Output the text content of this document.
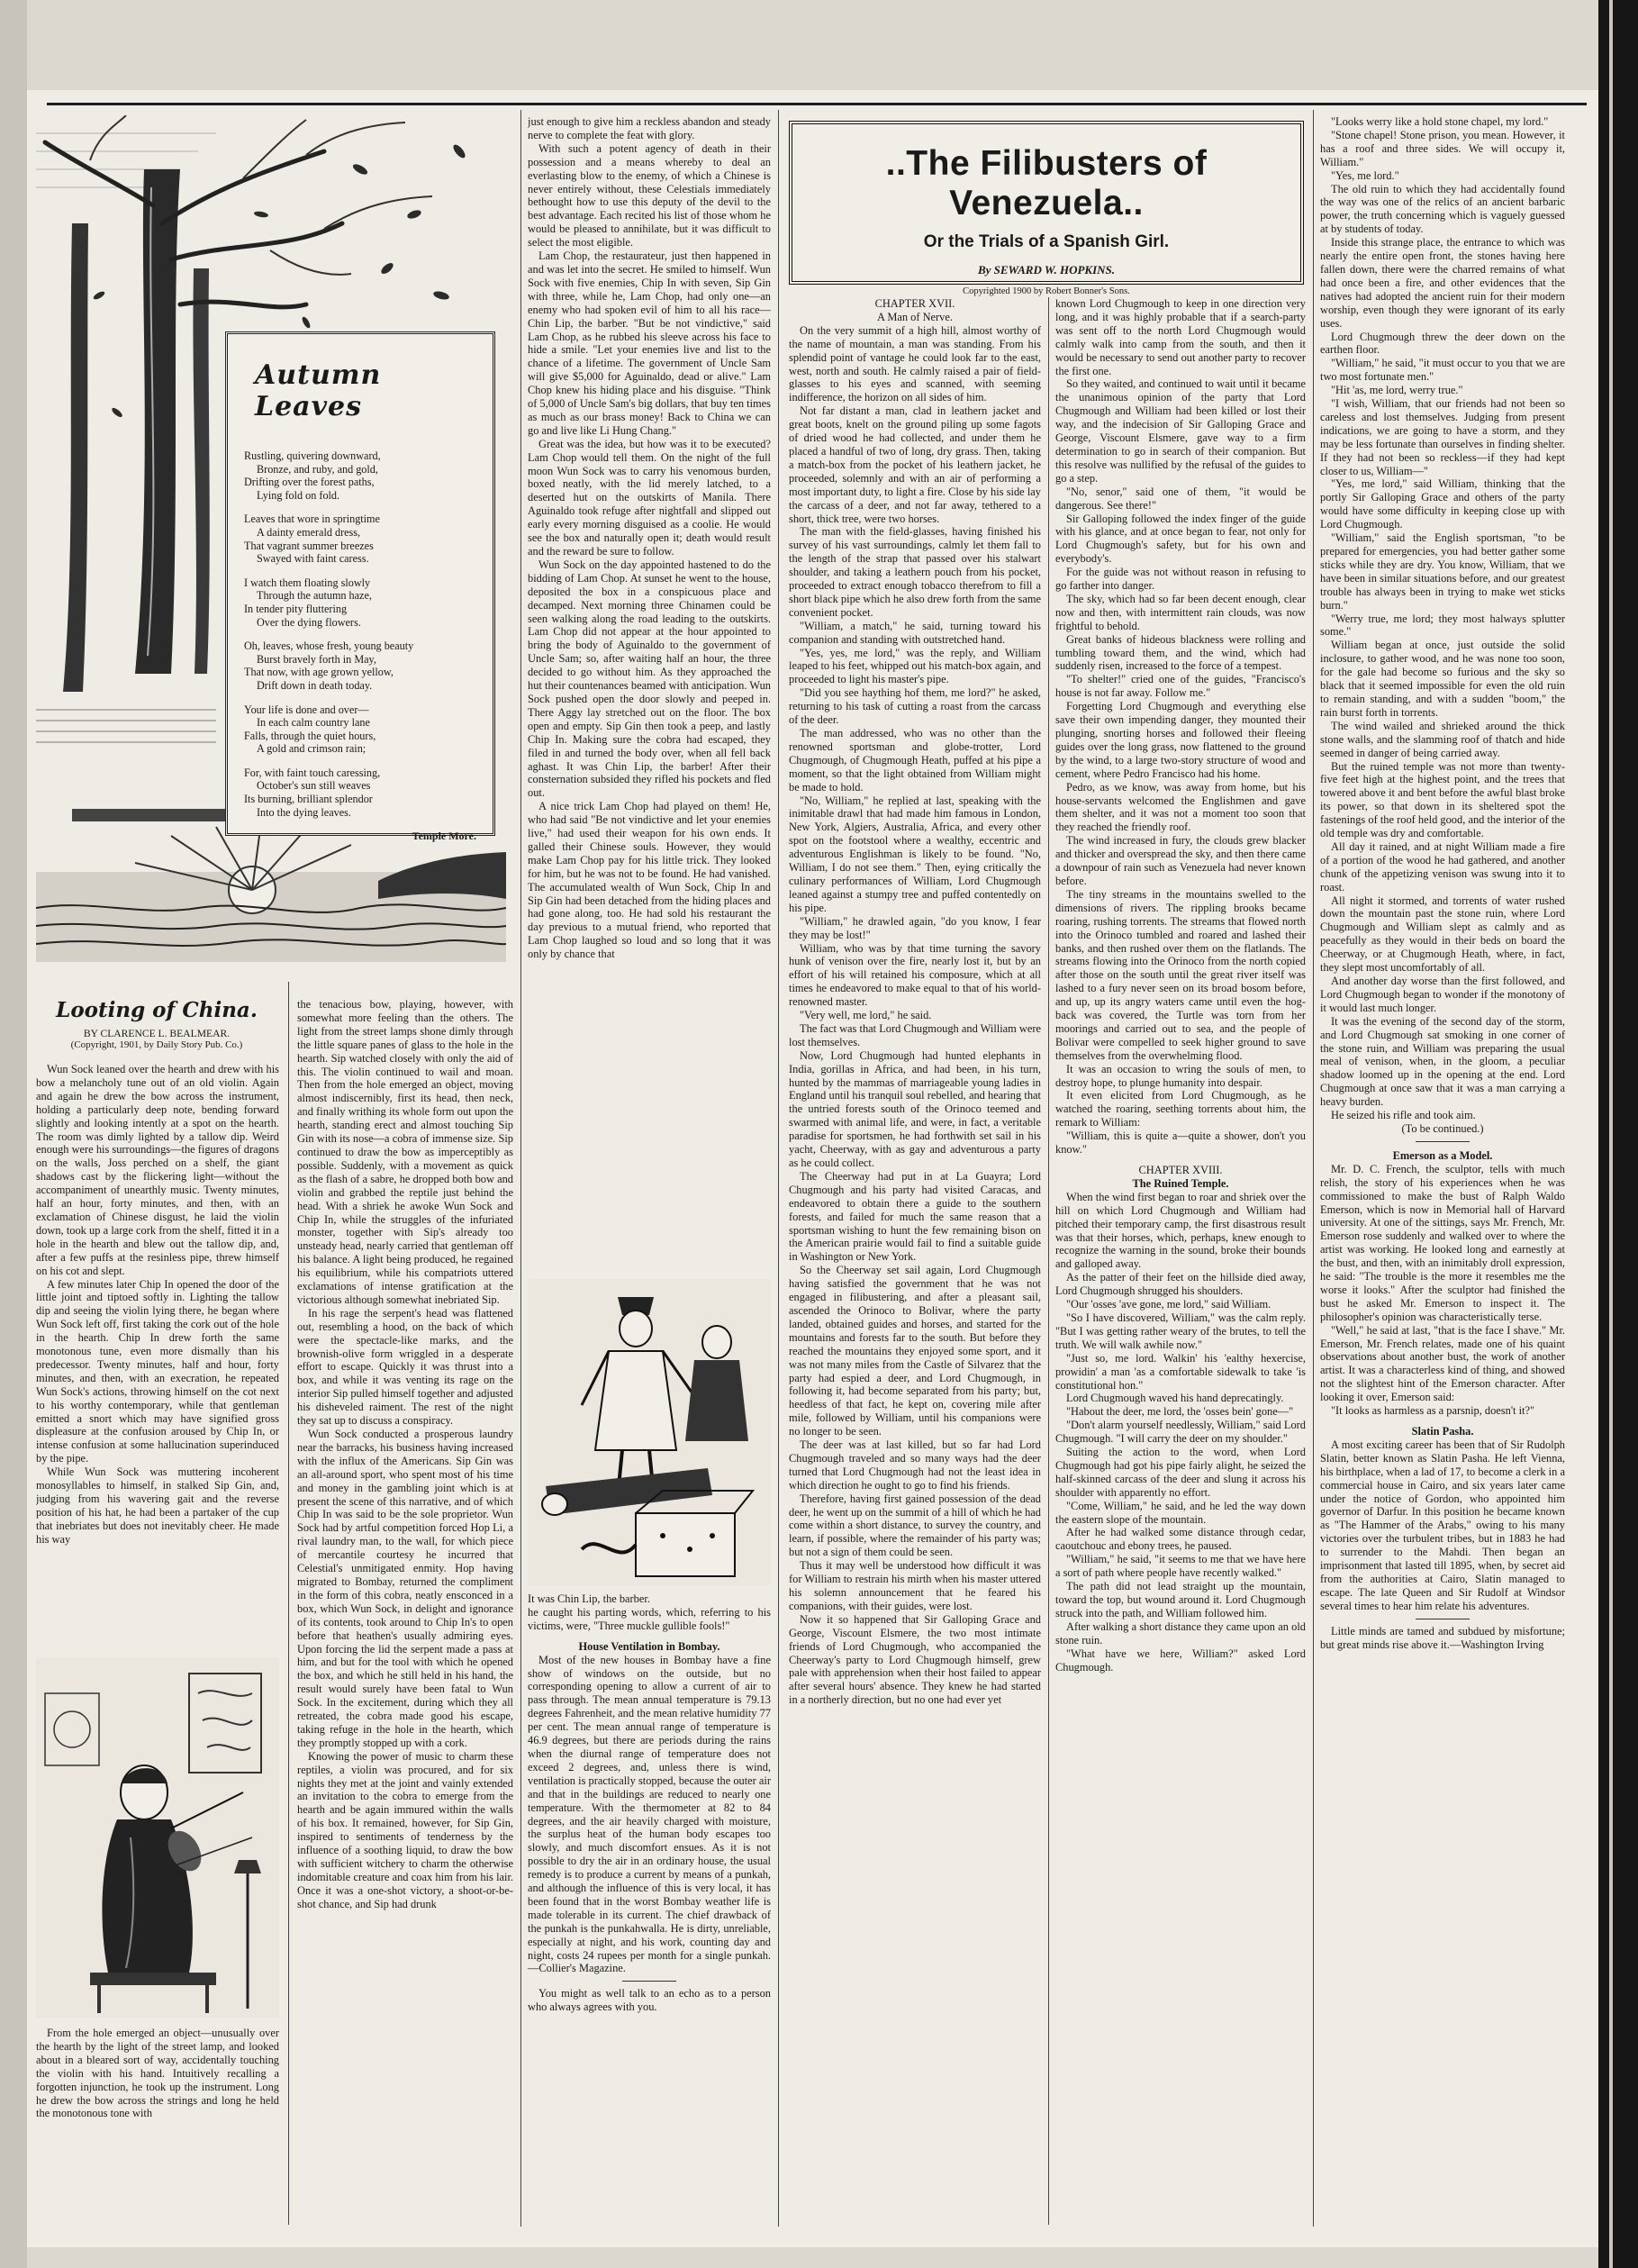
Autumn Leaves
Rustling, quivering downward,
Bronze, and ruby, and gold,
Drifting over the forest paths,
Lying fold on fold.
Leaves that wore in springtime
A dainty emerald dress,
That vagrant summer breezes
Swayed with faint caress.
I watch them floating slowly
Through the autumn haze,
In tender pity fluttering
Over the dying flowers.
Oh, leaves, whose fresh, young beauty
Burst bravely forth in May,
That now, with age grown yellow,
Drift down in death today.
Your life is done and over—
In each calm country lane
Falls, through the quiet hours,
A gold and crimson rain;
For, with faint touch caressing,
October's sun still weaves
Its burning, brilliant splendor
Into the dying leaves.
Temple More.
Looting of China.
BY CLARENCE L. BEALMEAR.
(Copyright, 1901, by Daily Story Pub. Co.)

Wun Sock leaned over the hearth and drew with his bow a melancholy tune out of an old violin. Again and again he drew the bow across the instrument, holding a particularly deep note, bending forward slightly and looking intently at a spot on the hearth. The room was dimly lighted by a tallow dip. Weird enough were his surroundings—the figures of dragons on the walls, Joss perched on a shelf, the giant shadows cast by the flickering light—without the accompaniment of unearthly music. Twenty minutes, half an hour, forty minutes, and then, with an exclamation of Chinese disgust, he laid the violin down, took up a large cork from the shelf, fitted it in a hole in the hearth and blew out the tallow dip, and, after a few puffs at the resinless pipe, threw himself on his cot and slept.

A few minutes later Chip In opened the door of the little joint and tiptoed softly in. Lighting the tallow dip and seeing the violin lying there, he began where Wun Sock left off, first taking the cork out of the hole in the hearth. Chip In drew forth the same monotonous tune, even more dismally than his predecessor. Twenty minutes, half and hour, forty minutes, and then, with an execration, he repeated Wun Sock's actions, throwing himself on the cot next to his worthy contemporary, while that gentleman emitted a snort which may have signified gross displeasure at the confusion aroused by Chip In, or intense confusion at some hallucination superinduced by the pipe.

While Wun Sock was muttering incoherent monosyllables to himself, in stalked Sip Gin, and, judging from his wavering gait and the reverse position of his hat, he had been a partaker of the cup that inebriates but does not inevitably cheer. He made his way

From the hole emerged an object—unusually over the hearth by the light of the street lamp, and looked about in a bleared sort of way, accidentally touching the violin with his hand. Intuitively recalling a forgotten injunction, he took up the instrument. Long he drew the bow across the strings and long he held the monotonous tone with

the tenacious bow, playing, however, with somewhat more feeling than the others. The light from the street lamps shone dimly through the little square panes of glass to the hole in the hearth. Sip watched closely with only the aid of this. The violin continued to wail and moan. Then from the hole emerged an object, moving almost indiscernibly, first its head, then neck, and finally writhing its whole form out upon the hearth, standing erect and almost touching Sip Gin with its nose—a cobra of immense size. Sip continued to draw the bow as imperceptibly as possible. Suddenly, with a movement as quick as the flash of a sabre, he dropped both bow and violin and grabbed the reptile just behind the head. With a shriek he awoke Wun Sock and Chip In, while the struggles of the infuriated monster, together with Sip's already too unsteady head, nearly carried that gentleman off his balance. A light being produced, he regained his equilibrium, while his compatriots uttered exclamations of intense gratification at the victorious although somewhat inebriated Sip.

In his rage the serpent's head was flattened out, resembling a hood, on the back of which were the spectacle-like marks, and the brownish-olive form wriggled in a desperate effort to escape. Quickly it was thrust into a box, and while it was venting its rage on the interior Sip pulled himself together and adjusted his disheveled raiment. The rest of the night they sat up to discuss a conspiracy.

Wun Sock conducted a prosperous laundry near the barracks, his business having increased with the influx of the Americans. Sip Gin was an all-around sport, who spent most of his time and money in the gambling joint which is at present the scene of this narrative, and of which Chip In was said to be the sole proprietor. Wun Sock had by artful competition forced Hop Li, a rival laundry man, to the wall, for which piece of mercantile courtesy he incurred that Celestial's unmitigated enmity. Hop having migrated to Bombay, returned the compliment in the form of this cobra, neatly ensconced in a box, which Wun Sock, in delight and ignorance of its contents, took around to Chip In's to open before that heathen's usually admiring eyes. Upon forcing the lid the serpent made a pass at him, and but for the tool with which he opened the box, and which he still held in his hand, the result would surely have been fatal to Wun Sock. In the excitement, during which they all retreated, the cobra made good his escape, taking refuge in the hole in the hearth, which they promptly stopped up with a cork.

Knowing the power of music to charm these reptiles, a violin was procured, and for six nights they met at the joint and vainly extended an invitation to the cobra to emerge from the hearth and be again immured within the walls of his box. It remained, however, for Sip Gin, inspired to sentiments of tenderness by the influence of a soothing liquid, to draw the bow with sufficient witchery to charm the otherwise indomitable creature and coax him from his lair. Once it was a one-shot victory, a shoot-or-be-shot chance, and Sip had drunk

just enough to give him a reckless abandon and steady nerve to complete the feat with glory.

With such a potent agency of death in their possession and a means whereby to deal an everlasting blow to the enemy, of which a Chinese is never entirely without, these Celestials immediately bethought how to use this deputy of the devil to the best advantage. Each recited his list of those whom he would be pleased to annihilate, but it was difficult to select the most eligible.

Lam Chop, the restaurateur, just then happened in and was let into the secret. He smiled to himself. Wun Sock with five enemies, Chip In with seven, Sip Gin with three, while he, Lam Chop, had only one—an enemy who had spoken evil of him to all his race—Chin Lip, the barber. "But be not vindictive," said Lam Chop, as he rubbed his sleeve across his face to hide a smile. "Let your enemies live and list to the chance of a lifetime. The government of Uncle Sam will give $5,000 for Aguinaldo, dead or alive." Lam Chop knew his hiding place and his disguise. "Think of 5,000 of Uncle Sam's big dollars, that buy ten times as much as our brass money! Back to China we can go and live like Li Hung Chang."

Great was the idea, but how was it to be executed? Lam Chop would tell them. On the night of the full moon Wun Sock was to carry his venomous burden, boxed neatly, with the lid merely latched, to a deserted hut on the outskirts of Manila. There Aguinaldo took refuge after nightfall and slipped out early every morning disguised as a coolie. He would see the box and naturally open it; death would result and the reward be sure to follow.

Wun Sock on the day appointed hastened to do the bidding of Lam Chop. At sunset he went to the house, deposited the box in a conspicuous place and decamped. Next morning three Chinamen could be seen walking along the road leading to the outskirts. Lam Chop did not appear at the hour appointed to bring the body of Aguinaldo to the government of Uncle Sam; so, after waiting half an hour, the three decided to go without him. As they approached the hut their countenances beamed with anticipation. Wun Sock pushed open the door slowly and peeped in. There Aggy lay stretched out on the floor. The box open and empty. Sip Gin then took a peep, and lastly Chip In. Making sure the cobra had escaped, they filed in and turned the body over, when all fell back aghast. It was Chin Lip, the barber! After their consternation subsided they rifled his pockets and fled out.

A nice trick Lam Chop had played on them! He, who had said "Be not vindictive and let your enemies live," had used their weapon for his own ends. It galled their Chinese souls. However, they would make Lam Chop pay for his little trick. They looked for him, but he was not to be found. He had vanished. The accumulated wealth of Wun Sock, Chip In and Sip Gin had been detached from the hiding places and had gone along, too. He had sold his restaurant the day previous to a mutual friend, who reported that Lam Chop laughed so loud and so long that it was only by chance that

It was Chin Lip, the barber.

he caught his parting words, which, referring to his victims, were, "Three muckle gullible fools!"

House Ventilation in Bombay.

Most of the new houses in Bombay have a fine show of windows on the outside, but no corresponding opening to allow a current of air to pass through. The mean annual temperature is 79.13 degrees Fahrenheit, and the mean relative humidity 77 per cent. The mean annual range of temperature is 46.9 degrees, but there are periods during the rains when the diurnal range of temperature does not exceed 2 degrees, and, unless there is wind, ventilation is practically stopped, because the outer air and that in the buildings are reduced to nearly one temperature. With the thermometer at 82 to 84 degrees, and the air heavily charged with moisture, the surplus heat of the human body escapes too slowly, and much discomfort ensues. As it is not possible to dry the air in an ordinary house, the usual remedy is to produce a current by means of a punkah, and although the influence of this is very local, it has been found that in the worst Bombay weather life is made tolerable in its current. The chief drawback of the punkah is the punkahwalla. He is dirty, unreliable, especially at night, and his work, counting day and night, costs 24 rupees per month for a single punkah.—Collier's Magazine.

You might as well talk to an echo as to a person who always agrees with you.

..The Filibusters of Venezuela..
Or the Trials of a Spanish Girl.
By SEWARD W. HOPKINS.
Copyrighted 1900 by Robert Bonner's Sons.
CHAPTER XVII.
A Man of Nerve.

On the very summit of a high hill, almost worthy of the name of mountain, a man was standing. From his splendid point of vantage he could look far to the east, west, north and south. He calmly raised a pair of field-glasses to his eyes and scanned, with seeming indifference, the horizon on all sides of him.

Not far distant a man, clad in leathern jacket and great boots, knelt on the ground piling up some fagots of dried wood he had collected, and under them he placed a handful of two of long, dry grass. Then, taking a match-box from the pocket of his leathern jacket, he proceeded, solemnly and with an air of performing a most important duty, to light a fire. Close by his side lay the carcass of a deer, and not far away, tethered to a short, thick tree, were two horses.

The man with the field-glasses, having finished his survey of his vast surroundings, calmly let them fall to the length of the strap that passed over his stalwart shoulder, and taking a leathern pouch from his pocket, proceeded to extract enough tobacco therefrom to fill a short black pipe which he also drew forth from the same convenient pocket.

"William, a match," he said, turning toward his companion and standing with outstretched hand.

"Yes, yes, me lord," was the reply, and William leaped to his feet, whipped out his match-box again, and proceeded to light his master's pipe.

"Did you see haything hof them, me lord?" he asked, returning to his task of cutting a roast from the carcass of the deer.

The man addressed, who was no other than the renowned sportsman and globe-trotter, Lord Chugmough, of Chugmough Heath, puffed at his pipe a moment, so that the light obtained from William might be made to hold.

"No, William," he replied at last, speaking with the inimitable drawl that had made him famous in London, New York, Algiers, Australia, Africa, and every other spot on the footstool where a wealthy, eccentric and adventurous Englishman is likely to be found. "No, William, I do not see them." Then, eying critically the culinary performances of William, Lord Chugmough leaned against a stumpy tree and puffed contentedly on his pipe.

"William," he drawled again, "do you know, I fear they may be lost!"

William, who was by that time turning the savory hunk of venison over the fire, nearly lost it, but by an effort of his will retained his composure, which at all times he endeavored to make equal to that of his world-renowned master.

"Very well, me lord," he said.

The fact was that Lord Chugmough and William were lost themselves.

Now, Lord Chugmough had hunted elephants in India, gorillas in Africa, and had been, in his turn, hunted by the mammas of marriageable young ladies in England until his tranquil soul rebelled, and hearing that the untried forests south of the Orinoco teemed and swarmed with animal life, and were, in fact, a veritable paradise for sportsmen, he had forthwith set sail in his yacht, Cheerway, with as gay and adventurous a party as he could collect.

The Cheerway had put in at La Guayra; Lord Chugmough and his party had visited Caracas, and endeavored to obtain there a guide to the southern forests, and failed for much the same reason that a sportsman wishing to hunt the few remaining bison on the American prairie would fail to find a suitable guide in Washington or New York.

So the Cheerway set sail again, Lord Chugmough having satisfied the government that he was not engaged in filibustering, and after a pleasant sail, ascended the Orinoco to Bolivar, where the party landed, obtained guides and horses, and started for the mountains and forests far to the south. But before they reached the mountains they enjoyed some sport, and it was not many miles from the Castle of Silvarez that the party had espied a deer, and Lord Chugmough, in following it, had become separated from his party; but, heedless of that fact, he kept on, covering mile after mile, followed by William, until his companions were no longer to be seen.

The deer was at last killed, but so far had Lord Chugmough traveled and so many ways had the deer turned that Lord Chugmough had not the least idea in which direction he ought to go to find his friends.

Therefore, having first gained possession of the dead deer, he went up on the summit of a hill of which he had come within a short distance, to survey the country, and learn, if possible, where the remainder of his party was; but not a sign of them could be seen.

Thus it may well be understood how difficult it was for William to restrain his mirth when his master uttered his solemn announcement that he feared his companions, with their guides, were lost.

Now it so happened that Sir Galloping Grace and George, Viscount Elsmere, the two most intimate friends of Lord Chugmough, who accompanied the Cheerway's party to Lord Chugmough himself, grew pale with apprehension when their host failed to appear after several hours' absence. They knew he had started in a northerly direction, but no one had ever yet

known Lord Chugmough to keep in one direction very long, and it was highly probable that if a search-party was sent off to the north Lord Chugmough would calmly walk into camp from the south, and then it would be necessary to send out another party to recover the first one.

So they waited, and continued to wait until it became the unanimous opinion of the party that Lord Chugmough and William had been killed or lost their way, and the indecision of Sir Galloping Grace and George, Viscount Elsmere, gave way to a firm determination to go in search of their companion. But this resolve was nullified by the refusal of the guides to go a step.

"No, senor," said one of them, "it would be dangerous. See there!"

Sir Galloping followed the index finger of the guide with his glance, and at once began to fear, not only for Lord Chugmough's safety, but for his own and everybody's.

For the guide was not without reason in refusing to go farther into danger.

The sky, which had so far been decent enough, clear now and then, with intermittent rain clouds, was now frightful to behold.

Great banks of hideous blackness were rolling and tumbling toward them, and the wind, which had suddenly risen, increased to the force of a tempest.

"To shelter!" cried one of the guides, "Francisco's house is not far away. Follow me."

Forgetting Lord Chugmough and everything else save their own impending danger, they mounted their plunging, snorting horses and followed their fleeing guides over the long grass, now flattened to the ground by the wind, to a large two-story structure of wood and cement, where Pedro Francisco had his home.

Pedro, as we know, was away from home, but his house-servants welcomed the Englishmen and gave them shelter, and it was not a moment too soon that they reached the friendly roof.

The wind increased in fury, the clouds grew blacker and thicker and overspread the sky, and then there came a downpour of rain such as Venezuela had never known before.

The tiny streams in the mountains swelled to the dimensions of rivers. The rippling brooks became roaring, rushing torrents. The streams that flowed north into the Orinoco tumbled and roared and lashed their banks, and then rushed over them on the flatlands. The streams flowing into the Orinoco from the north copied after those on the south until the great river itself was lashed to a fury never seen on its broad bosom before, and up, up its angry waters came until even the hog-back was covered, the Turtle was torn from her moorings and carried out to sea, and the people of Bolivar were compelled to seek higher ground to save themselves from the overwhelming flood.

It was an occasion to wring the souls of men, to destroy hope, to plunge humanity into despair.

It even elicited from Lord Chugmough, as he watched the roaring, seething torrents about him, the remark to William:

"William, this is quite a—quite a shower, don't you know."

CHAPTER XVIII.
The Ruined Temple.

When the wind first began to roar and shriek over the hill on which Lord Chugmough and William had pitched their temporary camp, the first disastrous result was that their horses, which, perhaps, knew enough to recognize the warning in the sound, broke their bounds and galloped away.

As the patter of their feet on the hillside died away, Lord Chugmough shrugged his shoulders.

"Our 'osses 'ave gone, me lord," said William.

"So I have discovered, William," was the calm reply. "But I was getting rather weary of the brutes, to tell the truth. We will walk awhile now."

"Just so, me lord. Walkin' his 'ealthy hexercise, prowidin' a man 'as a comfortable sidewalk to take 'is constitutional hon."

Lord Chugmough waved his hand deprecatingly.

"Habout the deer, me lord, the 'osses bein' gone—"

"Don't alarm yourself needlessly, William," said Lord Chugmough. "I will carry the deer on my shoulder."

Suiting the action to the word, when Lord Chugmough had got his pipe fairly alight, he seized the half-skinned carcass of the deer and slung it across his shoulder with apparently no effort.

"Come, William," he said, and he led the way down the eastern slope of the mountain.

After he had walked some distance through cedar, caoutchouc and ebony trees, he paused.

"William," he said, "it seems to me that we have here a sort of path where people have recently walked."

The path did not lead straight up the mountain, toward the top, but wound around it. Lord Chugmough struck into the path, and William followed him.

After walking a short distance they came upon an old stone ruin.

"What have we here, William?" asked Lord Chugmough.

"Looks werry like a hold stone chapel, my lord."

"Stone chapel! Stone prison, you mean. However, it has a roof and three sides. We will occupy it, William."

"Yes, me lord."

The old ruin to which they had accidentally found the way was one of the relics of an ancient barbaric power, the truth concerning which is vaguely guessed at by students of today.

Inside this strange place, the entrance to which was nearly the entire open front, the stones having here fallen down, there were the charred remains of what had once been a fire, and other evidences that the natives had adopted the ancient ruin for their modern worship, even though they were ignorant of its early uses.

Lord Chugmough threw the deer down on the earthen floor.

"William," he said, "it must occur to you that we are two most fortunate men."

"Hit 'as, me lord, werry true."

"I wish, William, that our friends had not been so careless and lost themselves. Judging from present indications, we are going to have a storm, and they may be less fortunate than ourselves in finding shelter. If they had not been so reckless—if they had kept closer to us, William—"

"Yes, me lord," said William, thinking that the portly Sir Galloping Grace and others of the party would have some difficulty in keeping close up with Lord Chugmough.

"William," said the English sportsman, "to be prepared for emergencies, you had better gather some sticks while they are dry. You know, William, that we have been in similar situations before, and our greatest trouble has always been in trying to make wet sticks burn."

"Werry true, me lord; they most halways splutter some."

William began at once, just outside the solid inclosure, to gather wood, and he was none too soon, for the gale had become so furious and the sky so black that it seemed impossible for even the old ruin to remain standing, and with a sudden "boom," the rain burst forth in torrents.

The wind wailed and shrieked around the thick stone walls, and the slamming roof of thatch and hide seemed in danger of being carried away.

But the ruined temple was not more than twenty-five feet high at the highest point, and the trees that towered above it and bent before the awful blast broke its power, so that down in its sheltered spot the fastenings of the roof held good, and the interior of the old temple was dry and comfortable.

All day it rained, and at night William made a fire of a portion of the wood he had gathered, and another chunk of the appetizing venison was swung into it to roast.

All night it stormed, and torrents of water rushed down the mountain past the stone ruin, where Lord Chugmough and William slept as calmly and as peacefully as they would in their beds on board the Cheerway, or at Chugmough Heath, where, in fact, they slept most uncomfortably of all.

And another day worse than the first followed, and Lord Chugmough began to wonder if the monotony of it would last much longer.

It was the evening of the second day of the storm, and Lord Chugmough sat smoking in one corner of the stone ruin, and William was preparing the usual meal of venison, when, in the gloom, a peculiar shadow loomed up in the opening at the end. Lord Chugmough at once saw that it was a man carrying a heavy burden.

He seized his rifle and took aim.

(To be continued.)
Emerson as a Model.

Mr. D. C. French, the sculptor, tells with much relish, the story of his experiences when he was commissioned to make the bust of Ralph Waldo Emerson, which is now in Memorial hall of Harvard university. At one of the sittings, says Mr. French, Mr. Emerson rose suddenly and walked over to where the artist was working. He looked long and earnestly at the bust, and then, with an inimitably droll expression, he said: "The trouble is the more it resembles me the worse it looks." After the sculptor had finished the bust he asked Mr. Emerson to inspect it. The philosopher's opinion was characteristically terse.

"Well," he said at last, "that is the face I shave." Mr. Emerson, Mr. French relates, made one of his quaint observations about another bust, the work of another artist. It was a characterless kind of thing, and showed not the slightest hint of the Emerson character. After looking it over, Emerson said:

"It looks as harmless as a parsnip, doesn't it?"

Slatin Pasha.

A most exciting career has been that of Sir Rudolph Slatin, better known as Slatin Pasha. He left Vienna, his birthplace, when a lad of 17, to become a clerk in a commercial house in Cairo, and six years later came under the notice of Gordon, who appointed him governor of Darfur. In this position he became known as "The Hammer of the Arabs," owing to his many victories over the turbulent tribes, but in 1883 he had to surrender to the Mahdi. Then began an imprisonment that lasted till 1895, when, by secret aid from the authorities at Cairo, Slatin managed to escape. The late Queen and Sir Rudolf at Windsor several times to hear him relate his adventures.

Little minds are tamed and subdued by misfortune; but great minds rise above it.—Washington Irving
